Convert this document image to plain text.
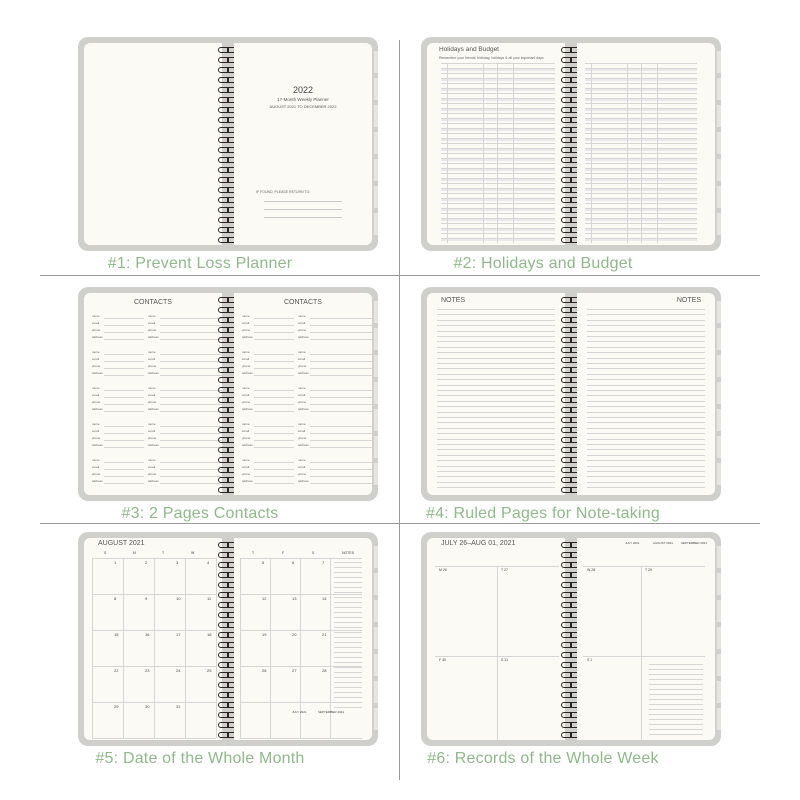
2022
17-Month Weekly Planner
AUGUST 2021 TO DECEMBER 2022
IF FOUND, PLEASE RETURN TO:
#1: Prevent Loss Planner
Holidays and Budget
Remember your friends' birthday, holidays & all your important days
#2: Holidays and Budget
CONTACTS
name
email
phone
address
name
email
phone
address
name
email
phone
address
name
email
phone
address
name
email
phone
address
name
email
phone
address
name
email
phone
address
name
email
phone
address
name
email
phone
address
name
email
phone
address
CONTACTS
name
email
phone
address
name
email
phone
address
name
email
phone
address
name
email
phone
address
name
email
phone
address
name
email
phone
address
name
email
phone
address
name
email
phone
address
name
email
phone
address
name
email
phone
address
#3: 2 Pages Contacts
NOTES	NOTES
#4: Ruled Pages for Note-taking
AUGUST 2021
S	M	T	W
1	2	3	4
8	9	10	11
15	16	17	18
22	23	24	25
29	30	31
T	F	S	NOTES
5	6	7
12	13	14
19	20	21
26	27	28
JULY 2021	SEPTEMBER 2021
#5: Date of the Whole Month
JULY 26–AUG 01, 2021
M 26	T 27
F 30	S 31
JULY 2021	AUGUST 2021	SEPTEMBER 2021
W 28	T 29
S 1
#6: Records of the Whole Week
